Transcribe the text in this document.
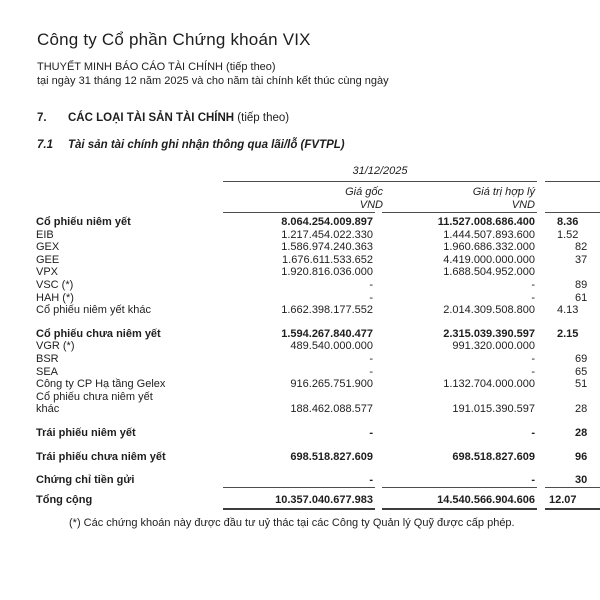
Công ty Cổ phần Chứng khoán VIX
THUYẾT MINH BÁO CÁO TÀI CHÍNH (tiếp theo)
tại ngày 31 tháng 12 năm 2025 và cho năm tài chính kết thúc cùng ngày
7. CÁC LOẠI TÀI SẢN TÀI CHÍNH (tiếp theo)
7.1 Tài sản tài chính ghi nhận thông qua lãi/lỗ (FVTPL)
31/12/2025
Giá gốc
VND
Giá trị hợp lý
VND
Cổ phiếu niêm yết	8.064.254.009.897	11.527.008.686.400	8.36

EIB	1.217.454.022.330	1.444.507.893.600	1.52

GEX	1.586.974.240.363	1.960.686.332.000	82

GEE	1.676.611.533.652	4.419.000.000.000	37

VPX	1.920.816.036.000	1.688.504.952.000	

VSC (*)	-	-	89

HAH (*)	-	-	61

Cổ phiếu niêm yết khác	1.662.398.177.552	2.014.309.508.800	4.13

Cổ phiếu chưa niêm yết	1.594.267.840.477	2.315.039.390.597	2.15

VGR (*)	489.540.000.000	991.320.000.000	

BSR	-	-	69

SEA	-	-	65

Công ty CP Hạ tầng Gelex	916.265.751.900	1.132.704.000.000	51

Cổ phiếu chưa niêm yết khác	188.462.088.577	191.015.390.597	28

Trái phiếu niêm yết	-	-	28

Trái phiếu chưa niêm yết	698.518.827.609	698.518.827.609	96

Chứng chỉ tiền gửi	-	-	30

Tổng cộng	10.357.040.677.983	14.540.566.904.606	12.07
(*) Các chứng khoán này được đầu tư uỷ thác tại các Công ty Quản lý Quỹ được cấp phép.
